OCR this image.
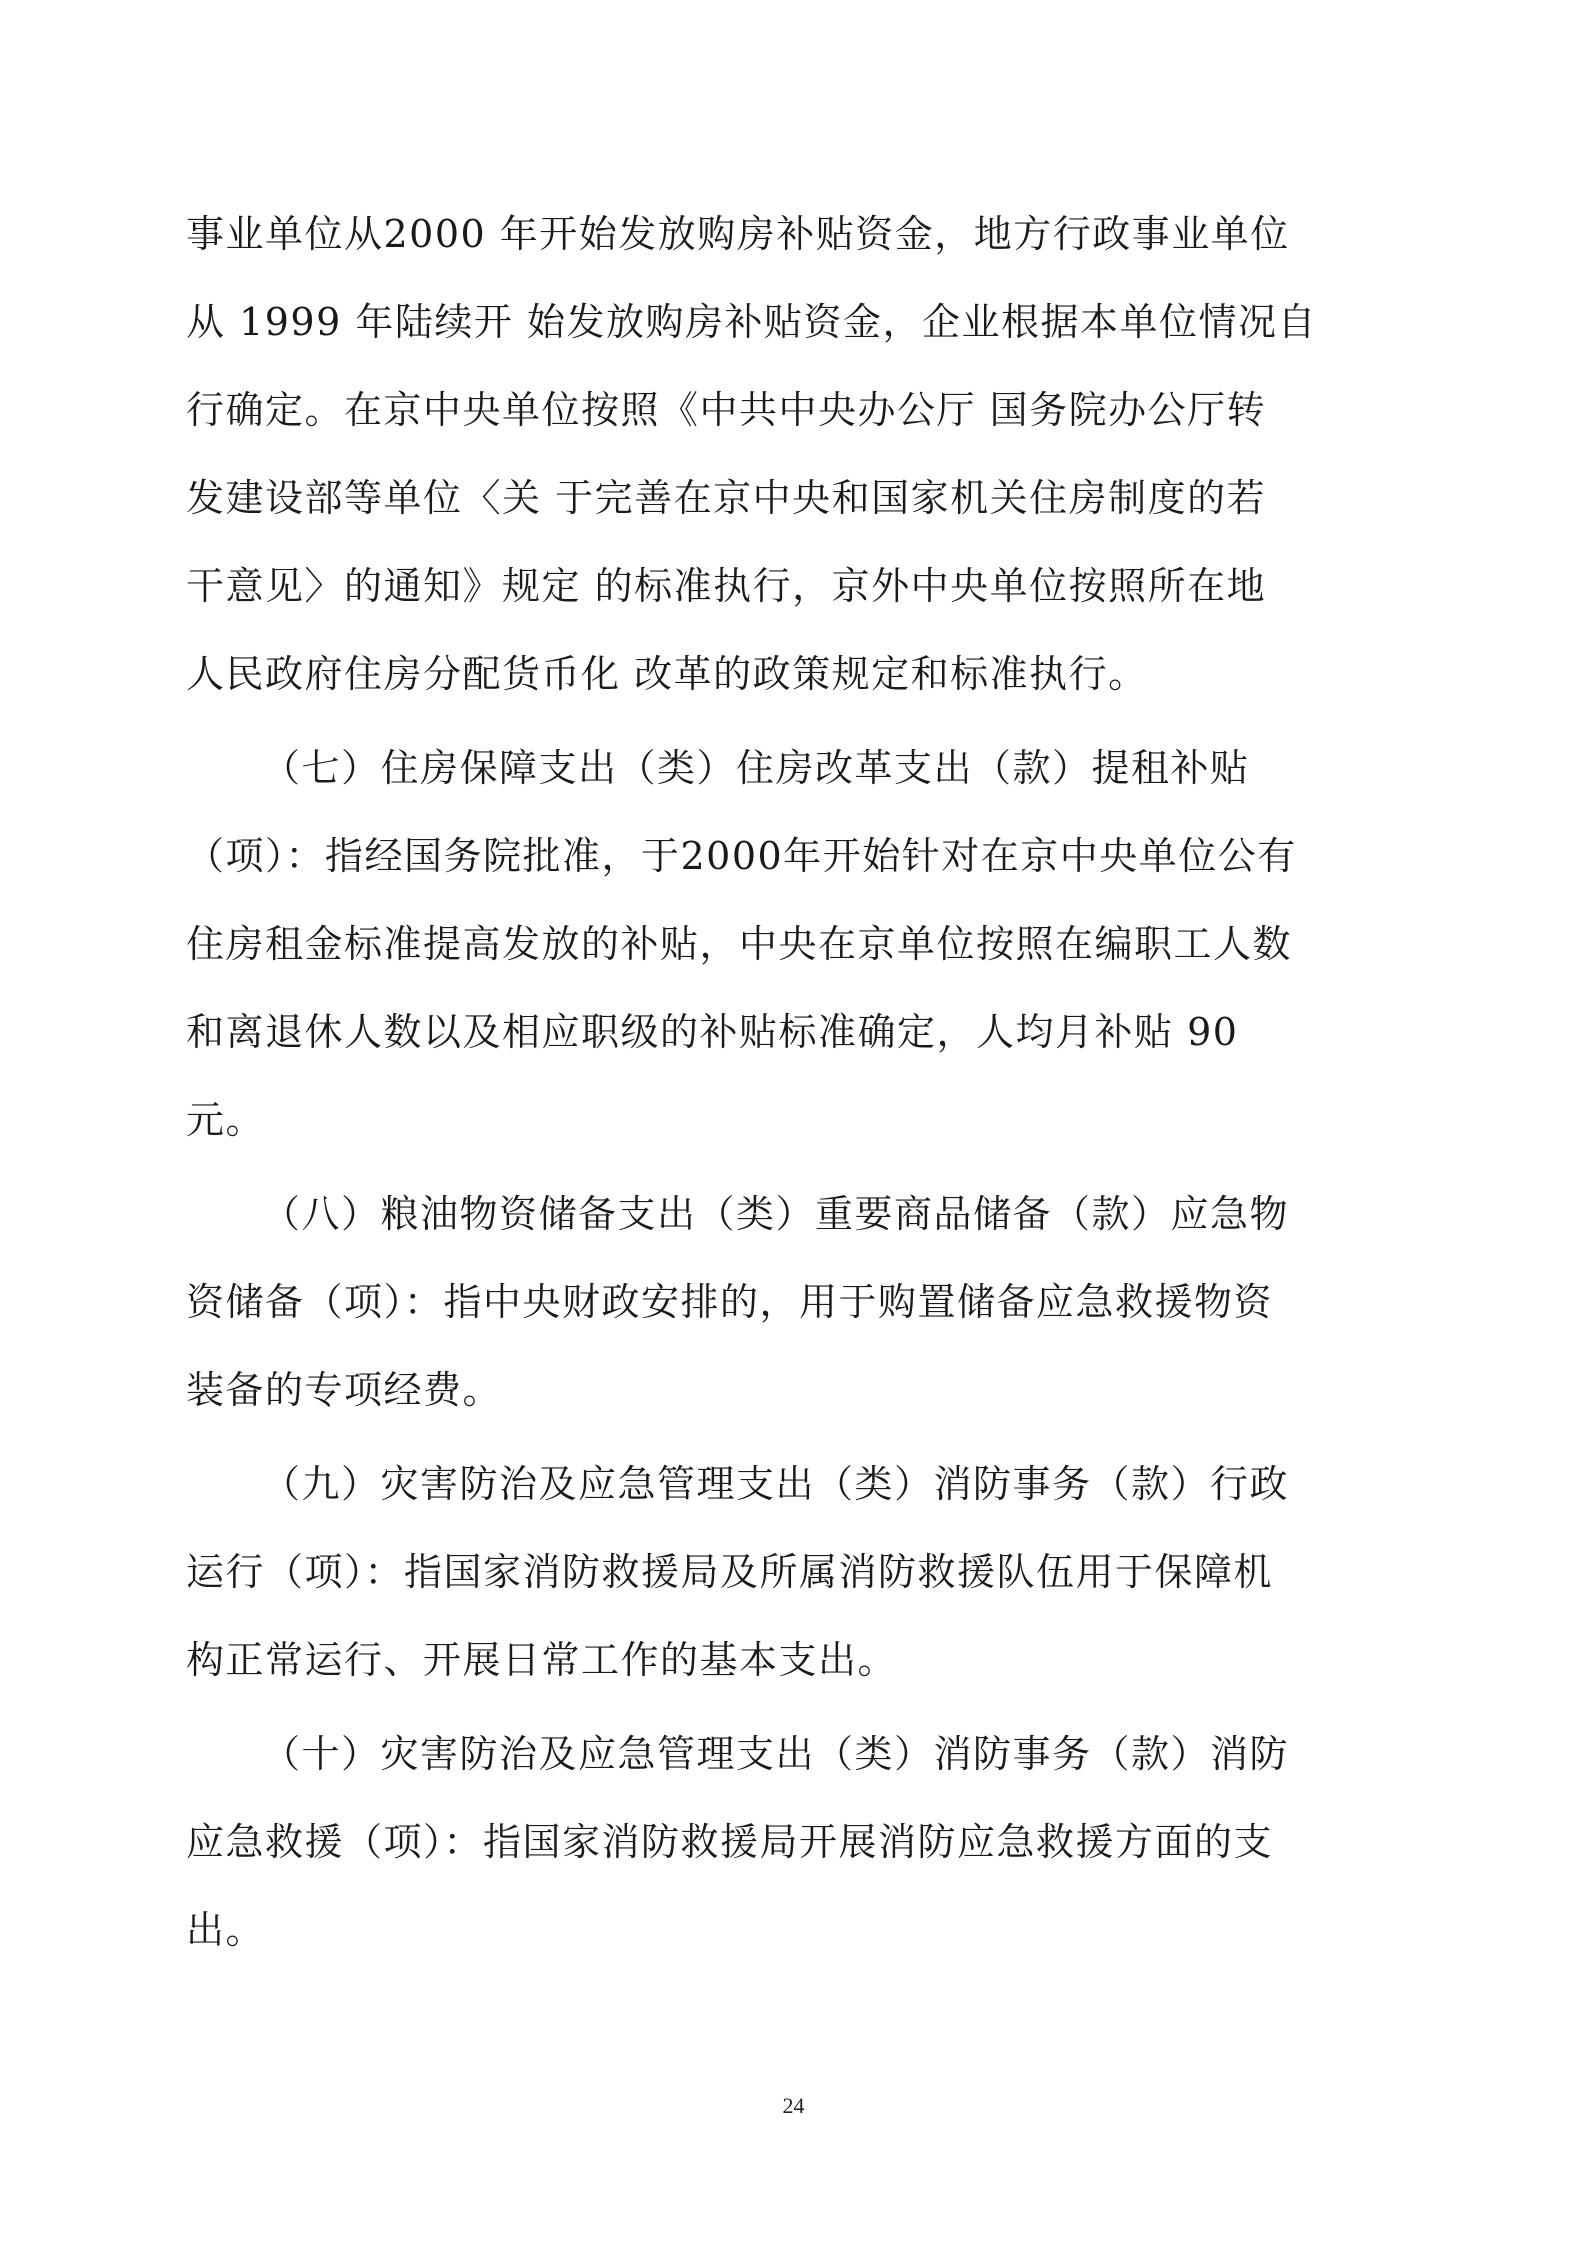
事业单位从2000 年开始发放购房补贴资金，地方行政事业单位
从 1999 年陆续开 始发放购房补贴资金，企业根据本单位情况自
行确定。在京中央单位按照《中共中央办公厅 国务院办公厅转
发建设部等单位〈关 于完善在京中央和国家机关住房制度的若
干意见〉的通知》规定 的标准执行，京外中央单位按照所在地
人民政府住房分配货币化 改革的政策规定和标准执行。
（七）住房保障支出（类）住房改革支出（款）提租补贴
（项）：指经国务院批准，于2000年开始针对在京中央单位公有
住房租金标准提高发放的补贴，中央在京单位按照在编职工人数
和离退休人数以及相应职级的补贴标准确定，人均月补贴 90
元。
（八）粮油物资储备支出（类）重要商品储备（款）应急物
资储备（项）：指中央财政安排的，用于购置储备应急救援物资
装备的专项经费。
（九）灾害防治及应急管理支出（类）消防事务（款）行政
运行（项）：指国家消防救援局及所属消防救援队伍用于保障机
构正常运行、开展日常工作的基本支出。
（十）灾害防治及应急管理支出（类）消防事务（款）消防
应急救援（项）：指国家消防救援局开展消防应急救援方面的支
出。
24
